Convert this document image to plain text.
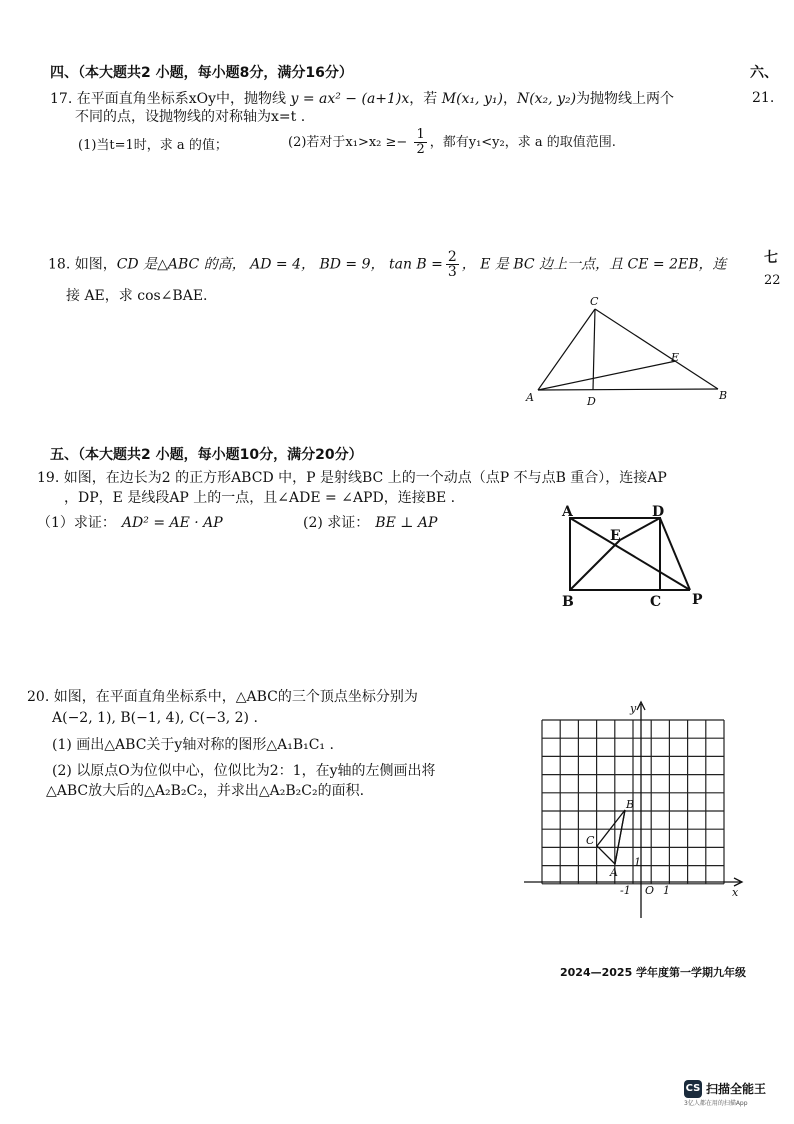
四、（本大题共2 小题，每小题8分，满分16分）	六、
21.
17. 在平面直角坐标系xOy中，抛物线 y = ax² − (a+1)x，若 M(x₁, y₁)，N(x₂, y₂)为抛物线上两个
不同的点，设抛物线的对称轴为x=t .
(1)当t=1时，求 a 的值；	(2)若对于$x_1>x_2 \ge- \frac{1}{2}$ ，都有y₁<y₂，求 a 的取值范围.
七
22
18. 如图，CD 是△ABC 的高， AD = 4， BD = 9， $\tan B = \frac{2}{3}$ ， E 是 BC 边上一点，且 CE = 2EB，连
接 AE，求 cos∠BAE.
A
C
D
E
B
五、（本大题共2 小题，每小题10分，满分20分）
19. 如图，在边长为2 的正方形ABCD 中，P 是射线BC 上的一个动点（点P 不与点B 重合），连接AP
，DP，E 是线段AP 上的一点，且∠ADE = ∠APD，连接BE .
（1）求证： AD² = AE · AP	(2) 求证： BE ⊥ AP
A	D
E
B	C P
20. 如图，在平面直角坐标系中，△ABC的三个顶点坐标分别为
A(−2, 1), B(−1, 4), C(−3, 2) .
(1) 画出△ABC关于y轴对称的图形△A₁B₁C₁ .
(2) 以原点O为位似中心，位似比为2：1，在y轴的左侧画出将
△ABC放大后的△A₂B₂C₂，并求出△A₂B₂C₂的面积.
y
x
O 1
-1
1
A
B
C
2024—2025 学年度第一学期九年级
CS 扫描全能王
3亿人都在用的扫描App
